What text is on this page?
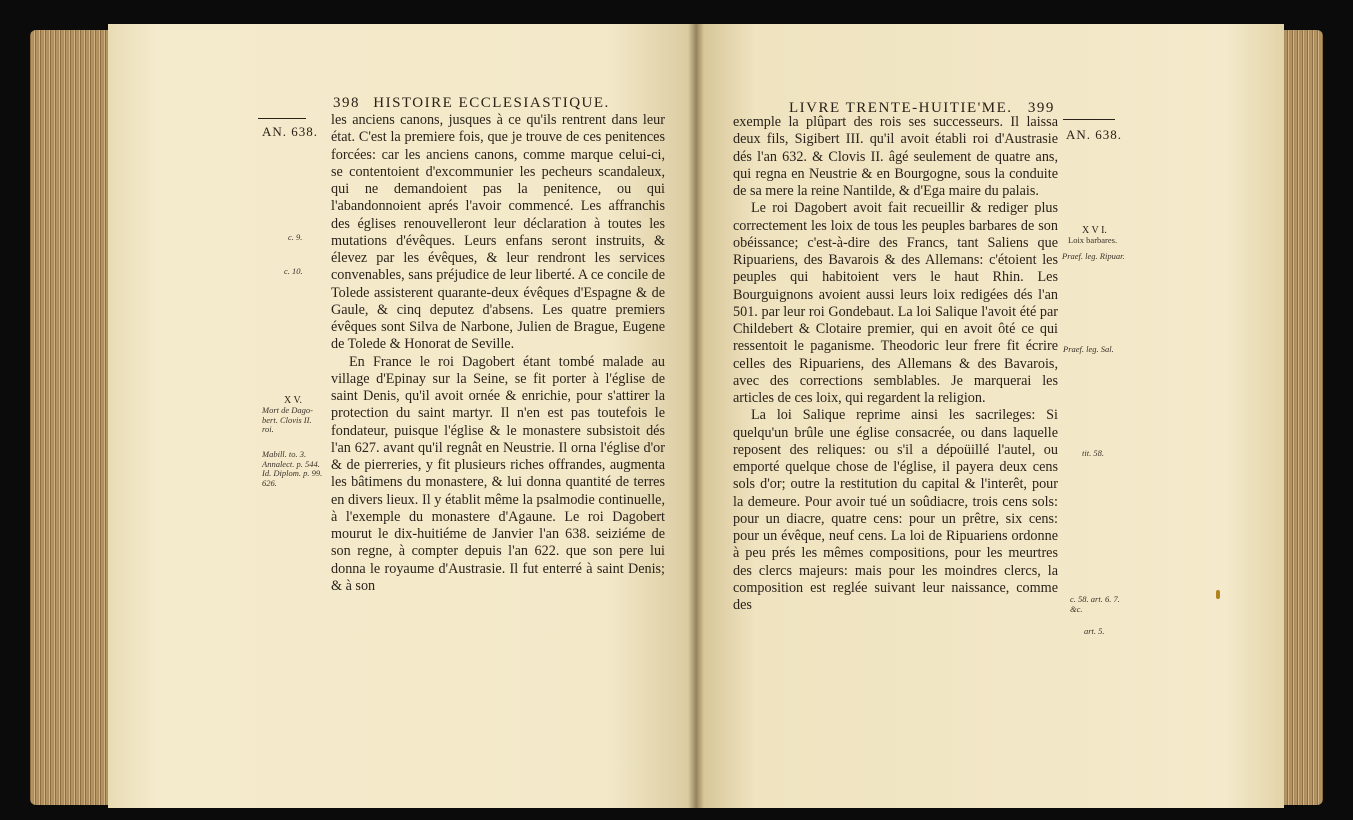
398 HISTOIRE ECCLESIASTIQUE.
AN. 638.
c. 9.
c. 10.
X V.
Mort de Dago-
bert. Clovis II.
roi.
Mabill. to. 3.
Annalect. p. 544.
Id. Diplom. p. 99.
626.

les anciens canons, jusques à ce qu'ils rentrent dans leur état. C'est la premiere fois, que je trouve de ces penitences forcées: car les anciens canons, comme marque celui-ci, se contentoient d'excommunier les pecheurs scandaleux, qui ne demandoient pas la penitence, ou qui l'abandonnoient aprés l'avoir commencé. Les affranchis des églises renouvelleront leur déclaration à toutes les mutations d'évêques. Leurs enfans seront instruits, & élevez par les évêques, & leur rendront les services convenables, sans préjudice de leur liberté. A ce concile de Tolede assisterent quarante-deux évêques d'Espagne & de Gaule, & cinq deputez d'absens. Les quatre premiers évêques sont Silva de Narbone, Julien de Brague, Eugene de Tolede & Honorat de Seville.

En France le roi Dagobert étant tombé malade au village d'Epinay sur la Seine, se fit porter à l'église de saint Denis, qu'il avoit ornée & enrichie, pour s'attirer la protection du saint martyr. Il n'en est pas toutefois le fondateur, puisque l'église & le monastere subsistoit dés l'an 627. avant qu'il regnât en Neustrie. Il orna l'église d'or & de pierreries, y fit plusieurs riches offrandes, augmenta les bâtimens du monastere, & lui donna quantité de terres en divers lieux. Il y établit même la psalmodie continuelle, à l'exemple du monastere d'Agaune. Le roi Dagobert mourut le dix-huitiéme de Janvier l'an 638. seiziéme de son regne, à compter depuis l'an 622. que son pere lui donna le royaume d'Austrasie. Il fut enterré à saint Denis; & à son

LIVRE TRENTE-HUITIE'ME. 399
AN. 638.
X V I.
Loix barbares.
Praef. leg. Ripuar.
Praef. leg. Sal.
tit. 58.
c. 58. art. 6. 7.
&c.
art. 5.

exemple la plûpart des rois ses successeurs. Il laissa deux fils, Sigibert III. qu'il avoit établi roi d'Austrasie dés l'an 632. & Clovis II. âgé seulement de quatre ans, qui regna en Neustrie & en Bourgogne, sous la conduite de sa mere la reine Nantilde, & d'Ega maire du palais.

Le roi Dagobert avoit fait recueillir & rediger plus correctement les loix de tous les peuples barbares de son obéissance; c'est-à-dire des Francs, tant Saliens que Ripuariens, des Bavarois & des Allemans: c'étoient les peuples qui habitoient vers le haut Rhin. Les Bourguignons avoient aussi leurs loix redigées dés l'an 501. par leur roi Gondebaut. La loi Salique l'avoit été par Childebert & Clotaire premier, qui en avoit ôté ce qui ressentoit le paganisme. Theodoric leur frere fit écrire celles des Ripuariens, des Allemans & des Bavarois, avec des corrections semblables. Je marquerai les articles de ces loix, qui regardent la religion.

La loi Salique reprime ainsi les sacrileges: Si quelqu'un brûle une église consacrée, ou dans laquelle reposent des reliques: ou s'il a dépoüillé l'autel, ou emporté quelque chose de l'église, il payera deux cens sols d'or; outre la restitution du capital & l'interêt, pour la demeure. Pour avoir tué un soûdiacre, trois cens sols: pour un diacre, quatre cens: pour un prêtre, six cens: pour un évêque, neuf cens. La loi de Ripuariens ordonne à peu prés les mêmes compositions, pour les meurtres des clercs majeurs: mais pour les moindres clercs, la composition est reglée suivant leur naissance, comme des
